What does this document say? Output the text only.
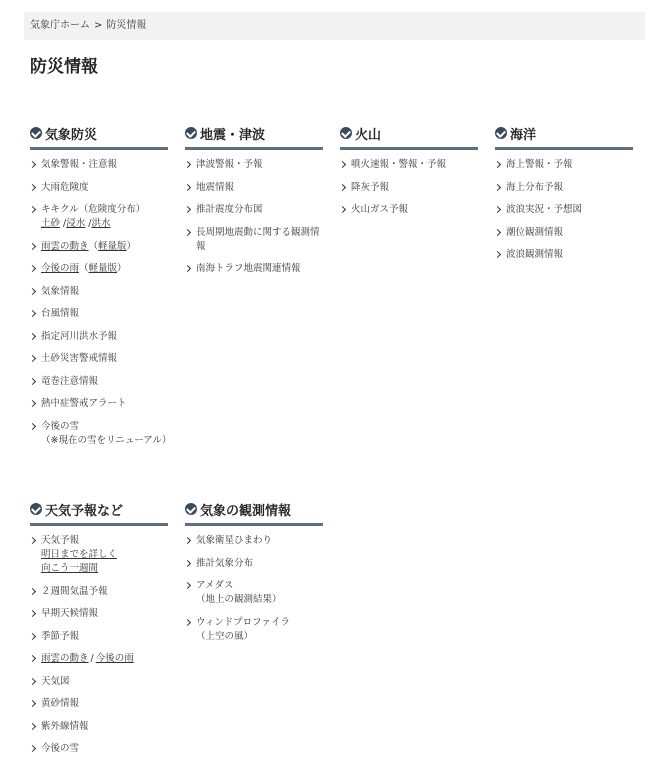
気象庁ホーム > 防災情報
防災情報
気象防災
気象警報・注意報
大雨危険度
キキクル（危険度分布）
土砂 /浸水 /洪水
雨雲の動き（軽量版）
今後の雨（軽量版）
気象情報
台風情報
指定河川洪水予報
土砂災害警戒情報
竜巻注意情報
熱中症警戒アラート
今後の雪
（※現在の雪をリニューアル）
地震・津波
津波警報・予報
地震情報
推計震度分布図
長周期地震動に関する観測情報
南海トラフ地震関連情報
火山
噴火速報・警報・予報
降灰予報
火山ガス予報
海洋
海上警報・予報
海上分布予報
波浪実況・予想図
潮位観測情報
波浪観測情報
天気予報など
天気予報
明日までを詳しく
向こう一週間
２週間気温予報
早期天候情報
季節予報
雨雲の動き / 今後の雨
天気図
黄砂情報
紫外線情報
今後の雪
気象の観測情報
気象衛星ひまわり
推計気象分布
アメダス
（地上の観測結果）
ウィンドプロファイラ
（上空の風）
